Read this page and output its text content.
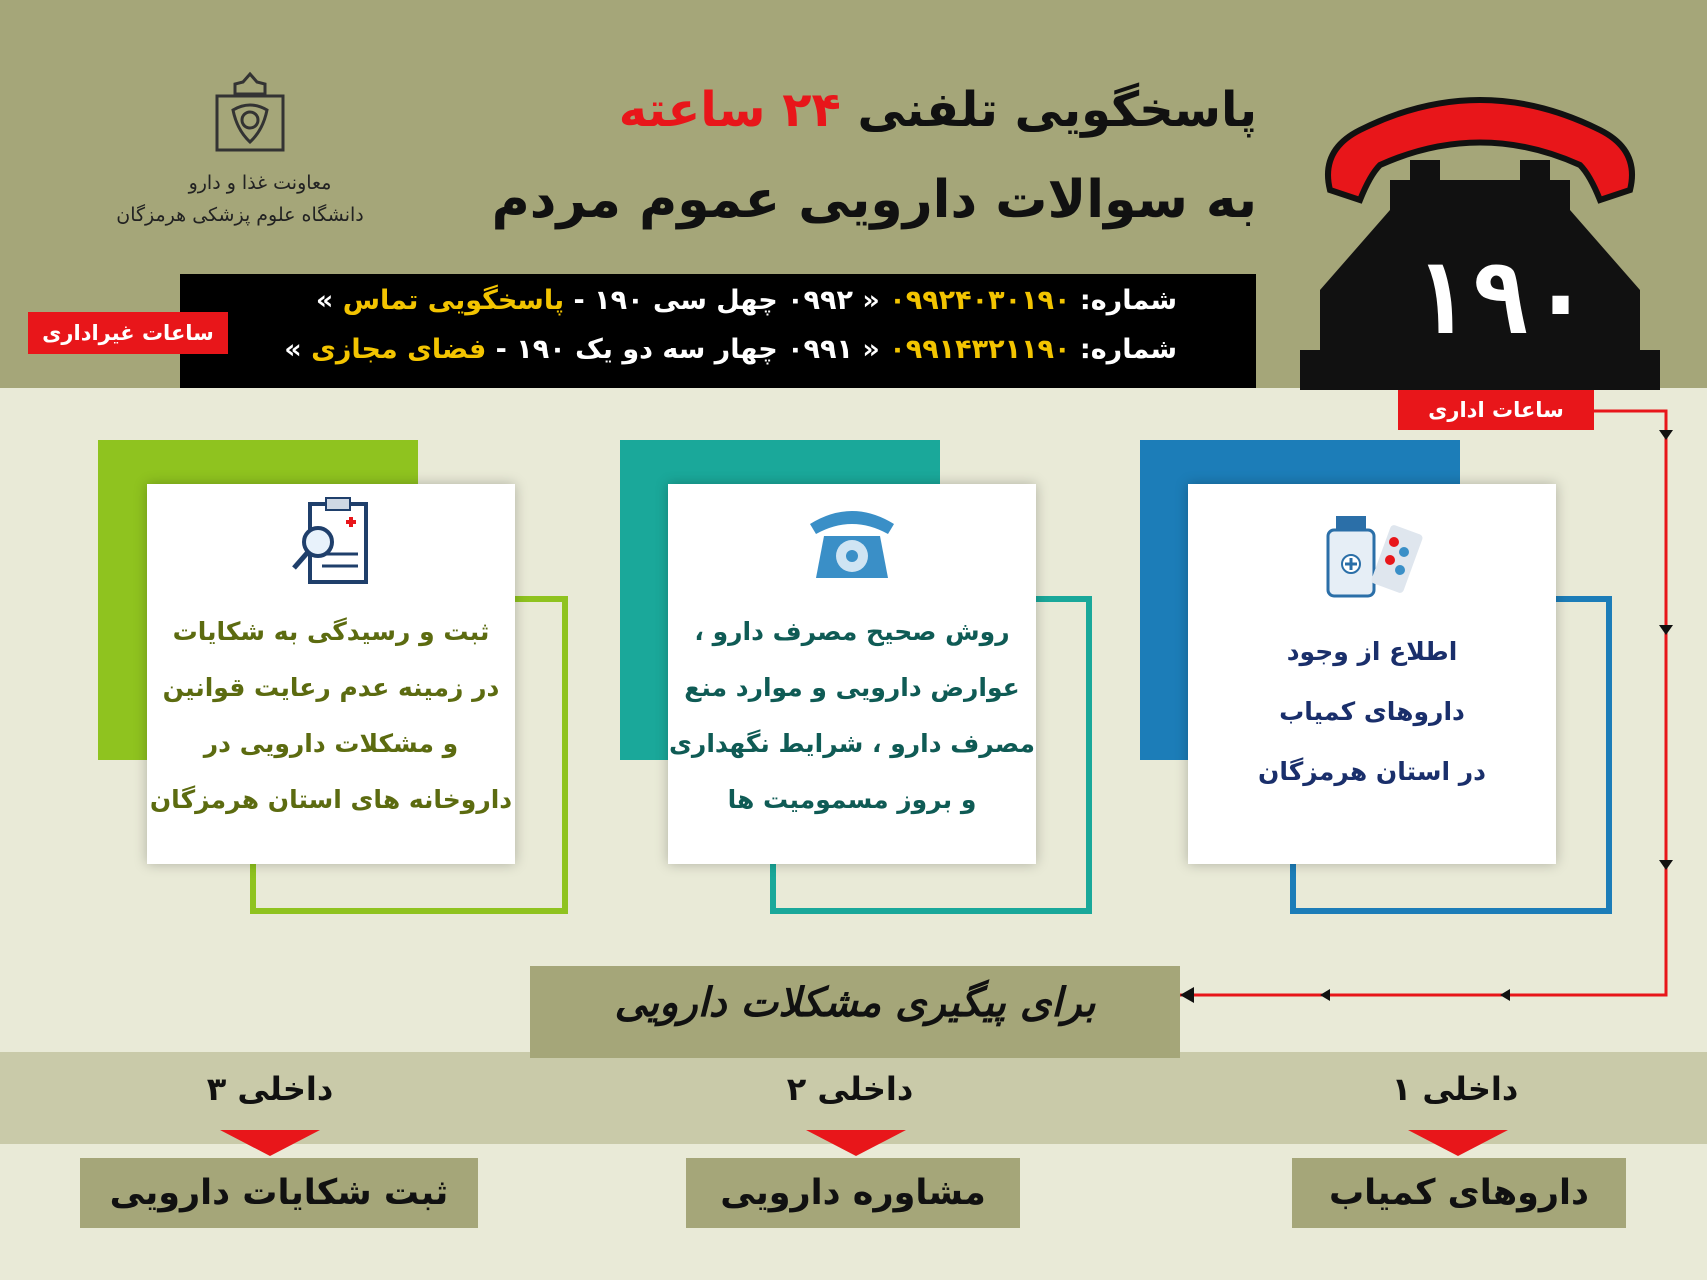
معاونت غذا و دارو
دانشگاه علوم پزشکی هرمزگان
پاسخگویی تلفنی ۲۴ ساعته
به سوالات دارویی عموم مردم
۱۹۰
شماره: ۰۹۹۲۴۰۳۰۱۹۰ « ۰۹۹۲ چهل سی ۱۹۰ - پاسخگویی تماس »
شماره: ۰۹۹۱۴۳۲۱۱۹۰ « ۰۹۹۱ چهار سه دو یک ۱۹۰ - فضای مجازی »
ساعات غیراداری
ساعات اداری
ثبت و رسیدگی به شکایات
در زمینه عدم رعایت قوانین
و مشکلات دارویی در
داروخانه های استان هرمزگان
روش صحیح مصرف دارو ،
عوارض دارویی و موارد منع
مصرف دارو ، شرایط نگهداری
و بروز مسمومیت ها
اطلاع از وجود
داروهای کمیاب
در استان هرمزگان
برای پیگیری مشکلات دارویی
داخلی ۳	داخلی ۲	داخلی ۱
ثبت شکایات دارویی	مشاوره دارویی	داروهای کمیاب
